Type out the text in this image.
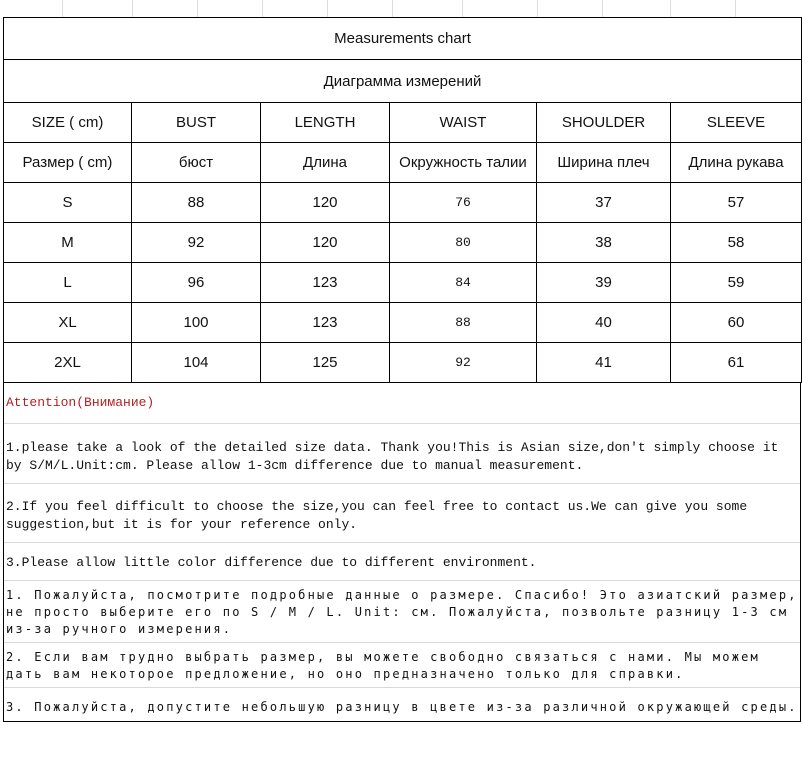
Measurements chart					
Диаграмма измерений					
SIZE ( cm)	BUST	LENGTH	WAIST	SHOULDER	SLEEVE
Размер ( cm)	бюст	Длина	Окружность талии	Ширина плеч	Длина рукава
S	88	120	76	37	57
M	92	120	80	38	58
L	96	123	84	39	59
XL	100	123	88	40	60
2XL	104	125	92	41	61
Attention(Внимание)
1.please take a look of the detailed size data. Thank you!This is Asian size,don't simply choose it by S/M/L.Unit:cm. Please allow 1-3cm difference due to manual measurement.
2.If you feel difficult to choose the size,you can feel free to contact us.We can give you some suggestion,but it is for your reference only.
3.Please allow little color difference due to different environment.
1. Пожалуйста, посмотрите подробные данные о размере. Спасибо! Это азиатский размер, не просто выберите его по S / M / L. Unit: см. Пожалуйста, позвольте разницу 1-3 см из-за ручного измерения.
2. Если вам трудно выбрать размер, вы можете свободно связаться с нами. Мы можем дать вам некоторое предложение, но оно предназначено только для справки.
3. Пожалуйста, допустите небольшую разницу в цвете из-за различной окружающей среды.
